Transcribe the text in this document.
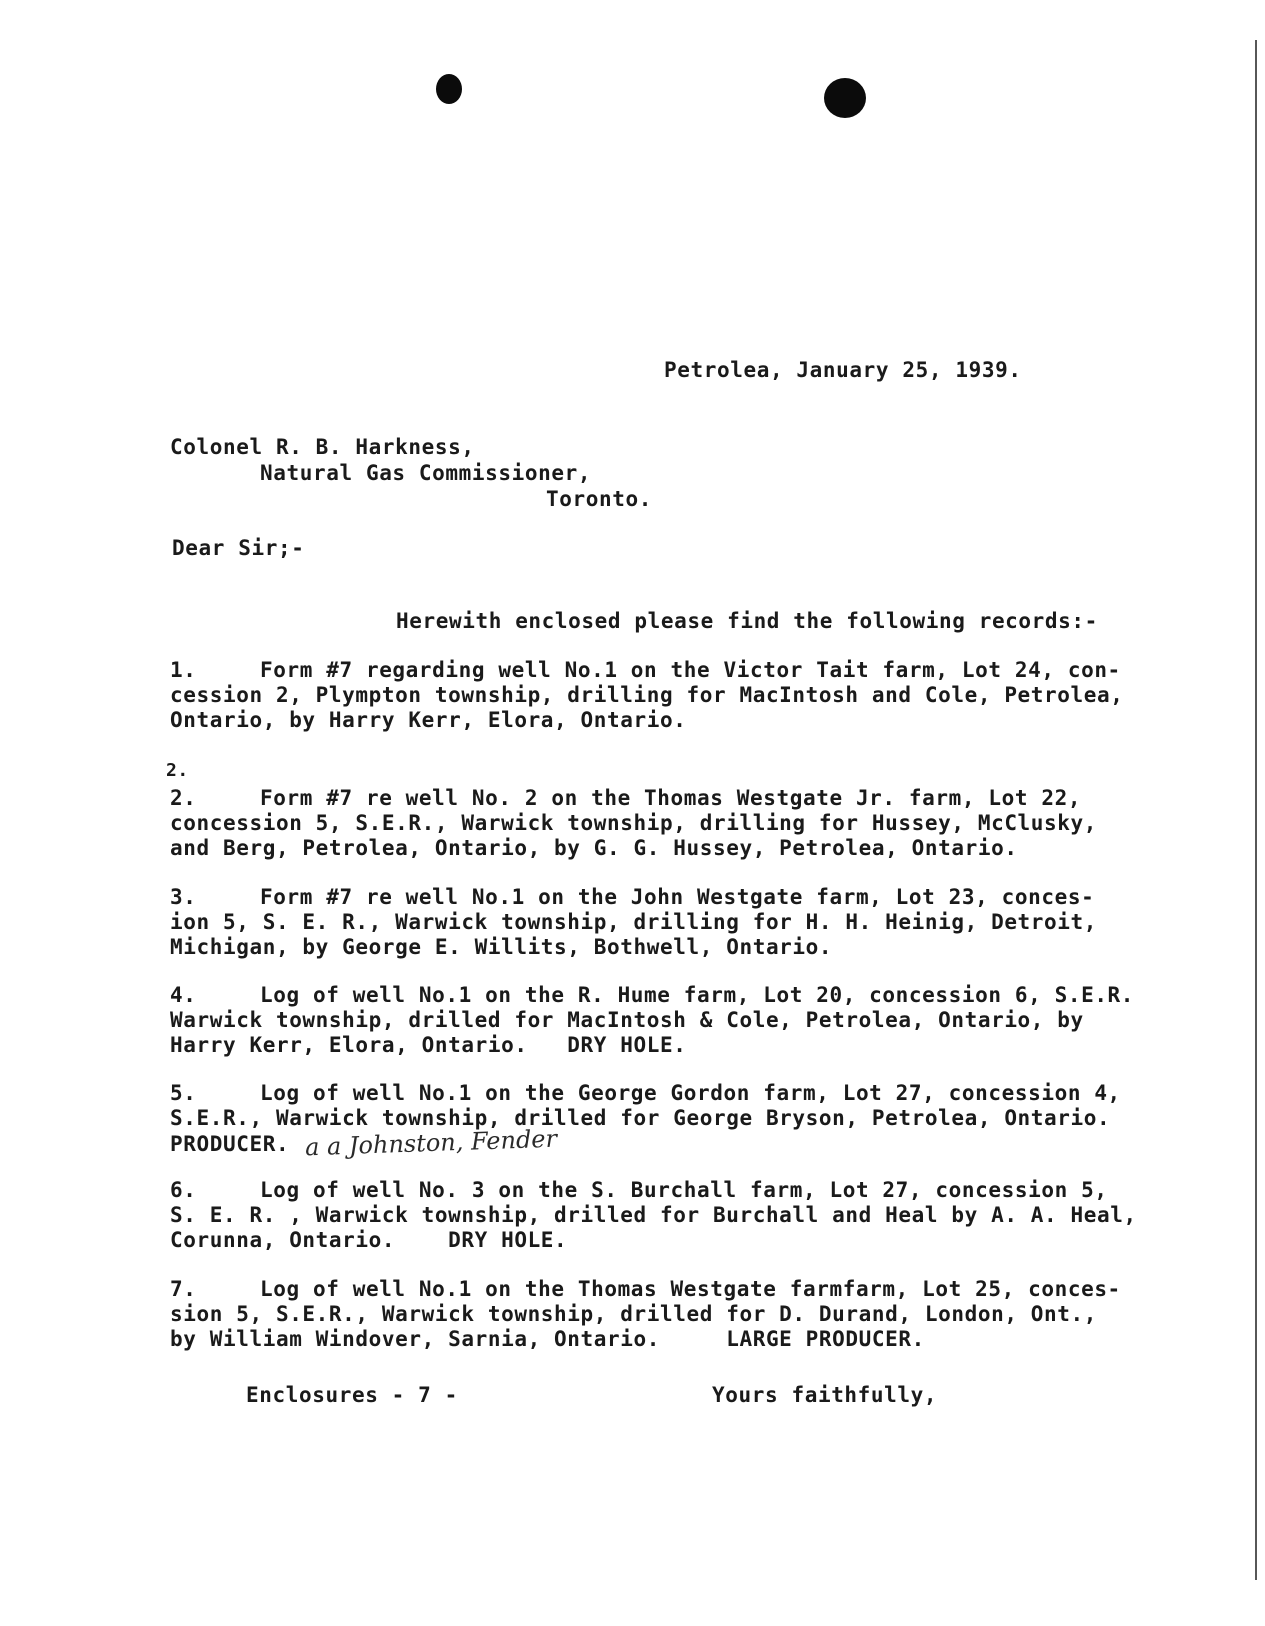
Petrolea, January 25, 1939.
Colonel R. B. Harkness,
Natural Gas Commissioner,
Toronto.
Dear Sir;-
Herewith enclosed please find the following records:-
1.	Form #7 regarding well No.1 on the Victor Tait farm, Lot 24, con-
cession 2, Plympton township, drilling for MacIntosh and Cole, Petrolea,
Ontario, by Harry Kerr, Elora, Ontario.
2.
2.	Form #7 re well No. 2 on the Thomas Westgate Jr. farm, Lot 22,
concession 5, S.E.R., Warwick township, drilling for Hussey, McClusky,
and Berg, Petrolea, Ontario, by G. G. Hussey, Petrolea, Ontario.
3.	Form #7 re well No.1 on the John Westgate farm, Lot 23, conces-
ion 5, S. E. R., Warwick township, drilling for H. H. Heinig, Detroit,
Michigan, by George E. Willits, Bothwell, Ontario.
4.	Log of well No.1 on the R. Hume farm, Lot 20, concession 6, S.E.R.
Warwick township, drilled for MacIntosh & Cole, Petrolea, Ontario, by
Harry Kerr, Elora, Ontario.   DRY HOLE.
5.	Log of well No.1 on the George Gordon farm, Lot 27, concession 4,
S.E.R., Warwick township, drilled for George Bryson, Petrolea, Ontario.
PRODUCER. a a Johnston, Fender
6.	Log of well No. 3 on the S. Burchall farm, Lot 27, concession 5,
S. E. R. , Warwick township, drilled for Burchall and Heal by A. A. Heal,
Corunna, Ontario.    DRY HOLE.
7.	Log of well No.1 on the Thomas Westgate farmfarm, Lot 25, conces-
sion 5, S.E.R., Warwick township, drilled for D. Durand, London, Ont.,
by William Windover, Sarnia, Ontario.     LARGE PRODUCER.
Enclosures - 7 -	Yours faithfully,
